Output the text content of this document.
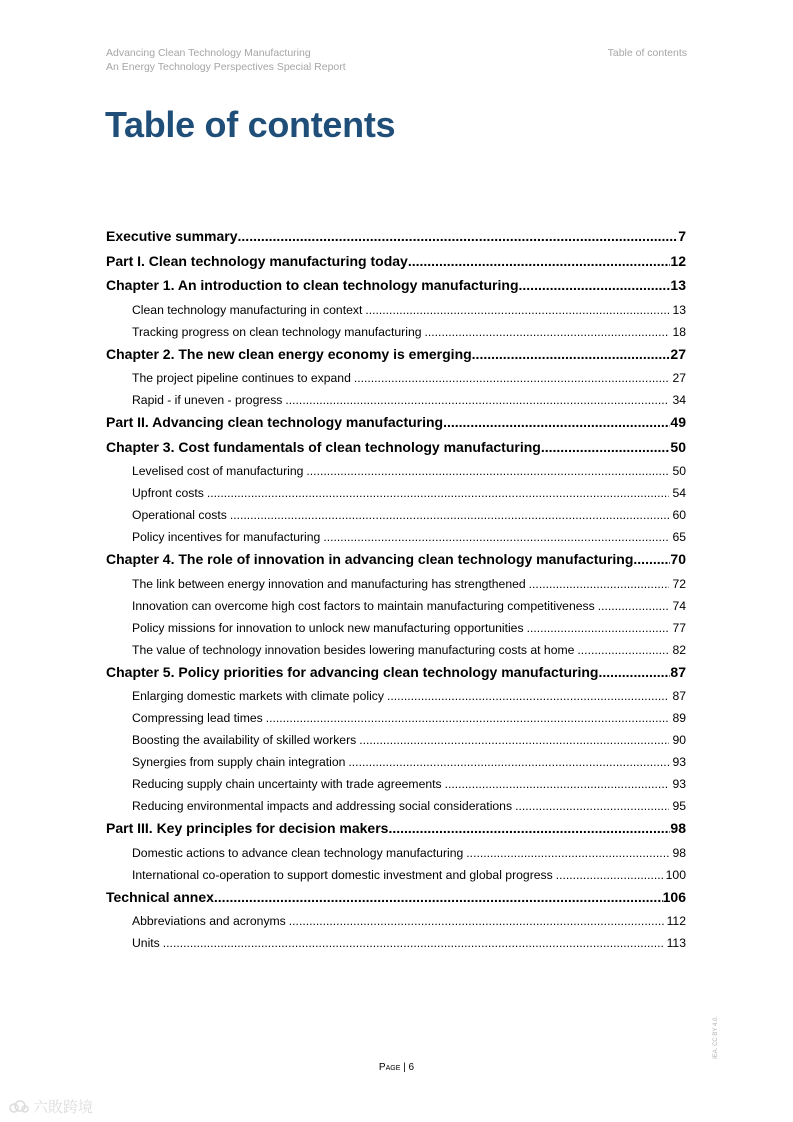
Advancing Clean Technology Manufacturing
An Energy Technology Perspectives Special Report
Table of contents
Table of contents
Executive summary .....	7
Part I. Clean technology manufacturing today .....	12
Chapter 1. An introduction to clean technology manufacturing .....	13
Clean technology manufacturing in context .....	13
Tracking progress on clean technology manufacturing .....	18
Chapter 2. The new clean energy economy is emerging .....	27
The project pipeline continues to expand .....	27
Rapid - if uneven - progress .....	34
Part II. Advancing clean technology manufacturing .....	49
Chapter 3. Cost fundamentals of clean technology manufacturing .....	50
Levelised cost of manufacturing .....	50
Upfront costs .....	54
Operational costs .....	60
Policy incentives for manufacturing .....	65
Chapter 4. The role of innovation in advancing clean technology manufacturing .....	70
The link between energy innovation and manufacturing has strengthened .....	72
Innovation can overcome high cost factors to maintain manufacturing competitiveness .....	74
Policy missions for innovation to unlock new manufacturing opportunities .....	77
The value of technology innovation besides lowering manufacturing costs at home .....	82
Chapter 5. Policy priorities for advancing clean technology manufacturing .....	87
Enlarging domestic markets with climate policy .....	87
Compressing lead times .....	89
Boosting the availability of skilled workers .....	90
Synergies from supply chain integration .....	93
Reducing supply chain uncertainty with trade agreements .....	93
Reducing environmental impacts and addressing social considerations .....	95
Part III. Key principles for decision makers .....	98
Domestic actions to advance clean technology manufacturing .....	98
International co-operation to support domestic investment and global progress .....	100
Technical annex .....	106
Abbreviations and acronyms .....	112
Units .....	113
Page | 6
IEA. CC BY 4.0.
六敗跨境
